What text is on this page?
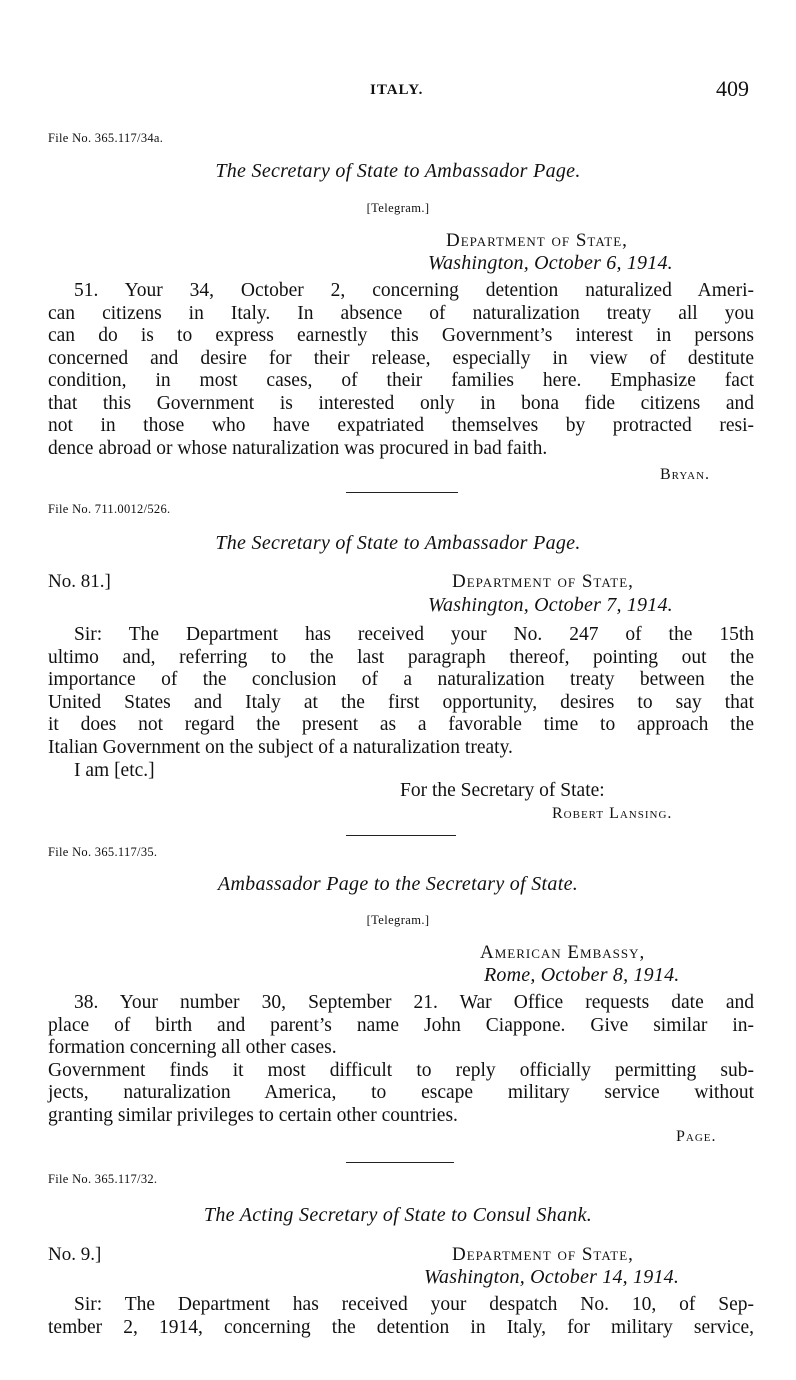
ITALY.	409
File No. 365.117/34a.
The Secretary of State to Ambassador Page.
[Telegram.]
Department of State,
Washington, October 6, 1914.
51. Your 34, October 2, concerning detention naturalized Ameri-
can citizens in Italy. In absence of naturalization treaty all you
can do is to express earnestly this Government’s interest in persons
concerned and desire for their release, especially in view of destitute
condition, in most cases, of their families here. Emphasize fact
that this Government is interested only in bona fide citizens and
not in those who have expatriated themselves by protracted resi-
dence abroad or whose naturalization was procured in bad faith.
Bryan.
File No. 711.0012/526.
The Secretary of State to Ambassador Page.
No. 81.]	Department of State,
Washington, October 7, 1914.
Sir: The Department has received your No. 247 of the 15th
ultimo and, referring to the last paragraph thereof, pointing out the
importance of the conclusion of a naturalization treaty between the
United States and Italy at the first opportunity, desires to say that
it does not regard the present as a favorable time to approach the
Italian Government on the subject of a naturalization treaty.
I am [etc.]
For the Secretary of State:
Robert Lansing.
File No. 365.117/35.
Ambassador Page to the Secretary of State.
[Telegram.]
American Embassy,
Rome, October 8, 1914.
38. Your number 30, September 21. War Office requests date and
place of birth and parent’s name John Ciappone. Give similar in-
formation concerning all other cases.
Government finds it most difficult to reply officially permitting sub-
jects, naturalization America, to escape military service without
granting similar privileges to certain other countries.
Page.
File No. 365.117/32.
The Acting Secretary of State to Consul Shank.
No. 9.]	Department of State,
Washington, October 14, 1914.
Sir: The Department has received your despatch No. 10, of Sep-
tember 2, 1914, concerning the detention in Italy, for military service,
